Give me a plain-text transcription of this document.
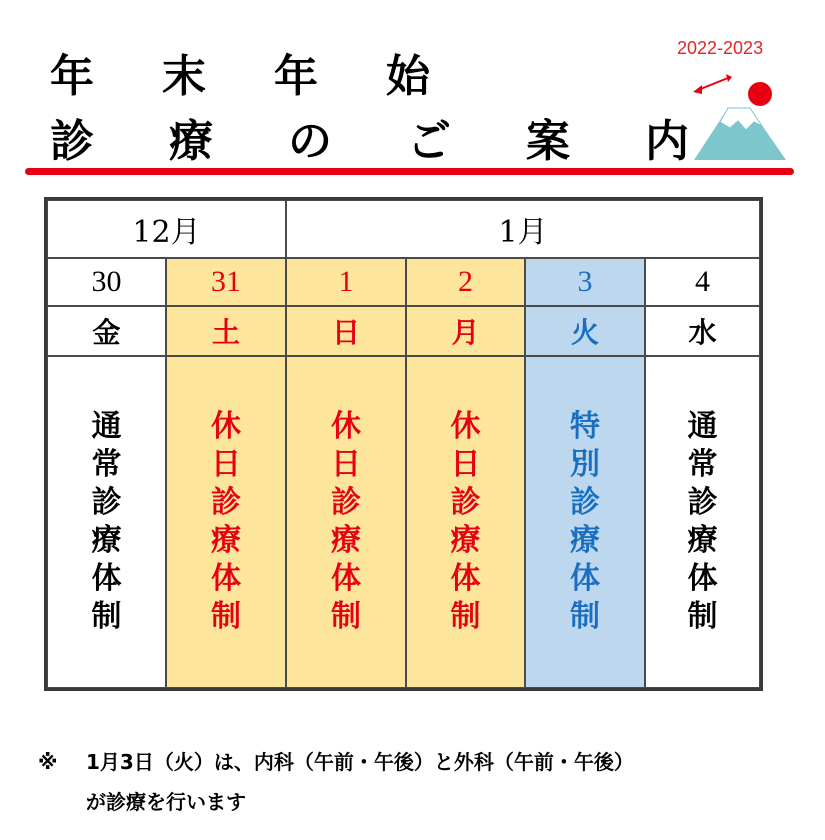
年 末 年 始
診 療 の ご 案 内
2022-2023
12月	1月
30
金
通
常
診
療
体
制
31
土
休
日
診
療
体
制
1
日
休
日
診
療
体
制
2
月
休
日
診
療
体
制
3
火
特
別
診
療
体
制
4
水
通
常
診
療
体
制
※ 1月3日（火）は、内科（午前・午後）と外科（午前・午後）
が診療を行います
